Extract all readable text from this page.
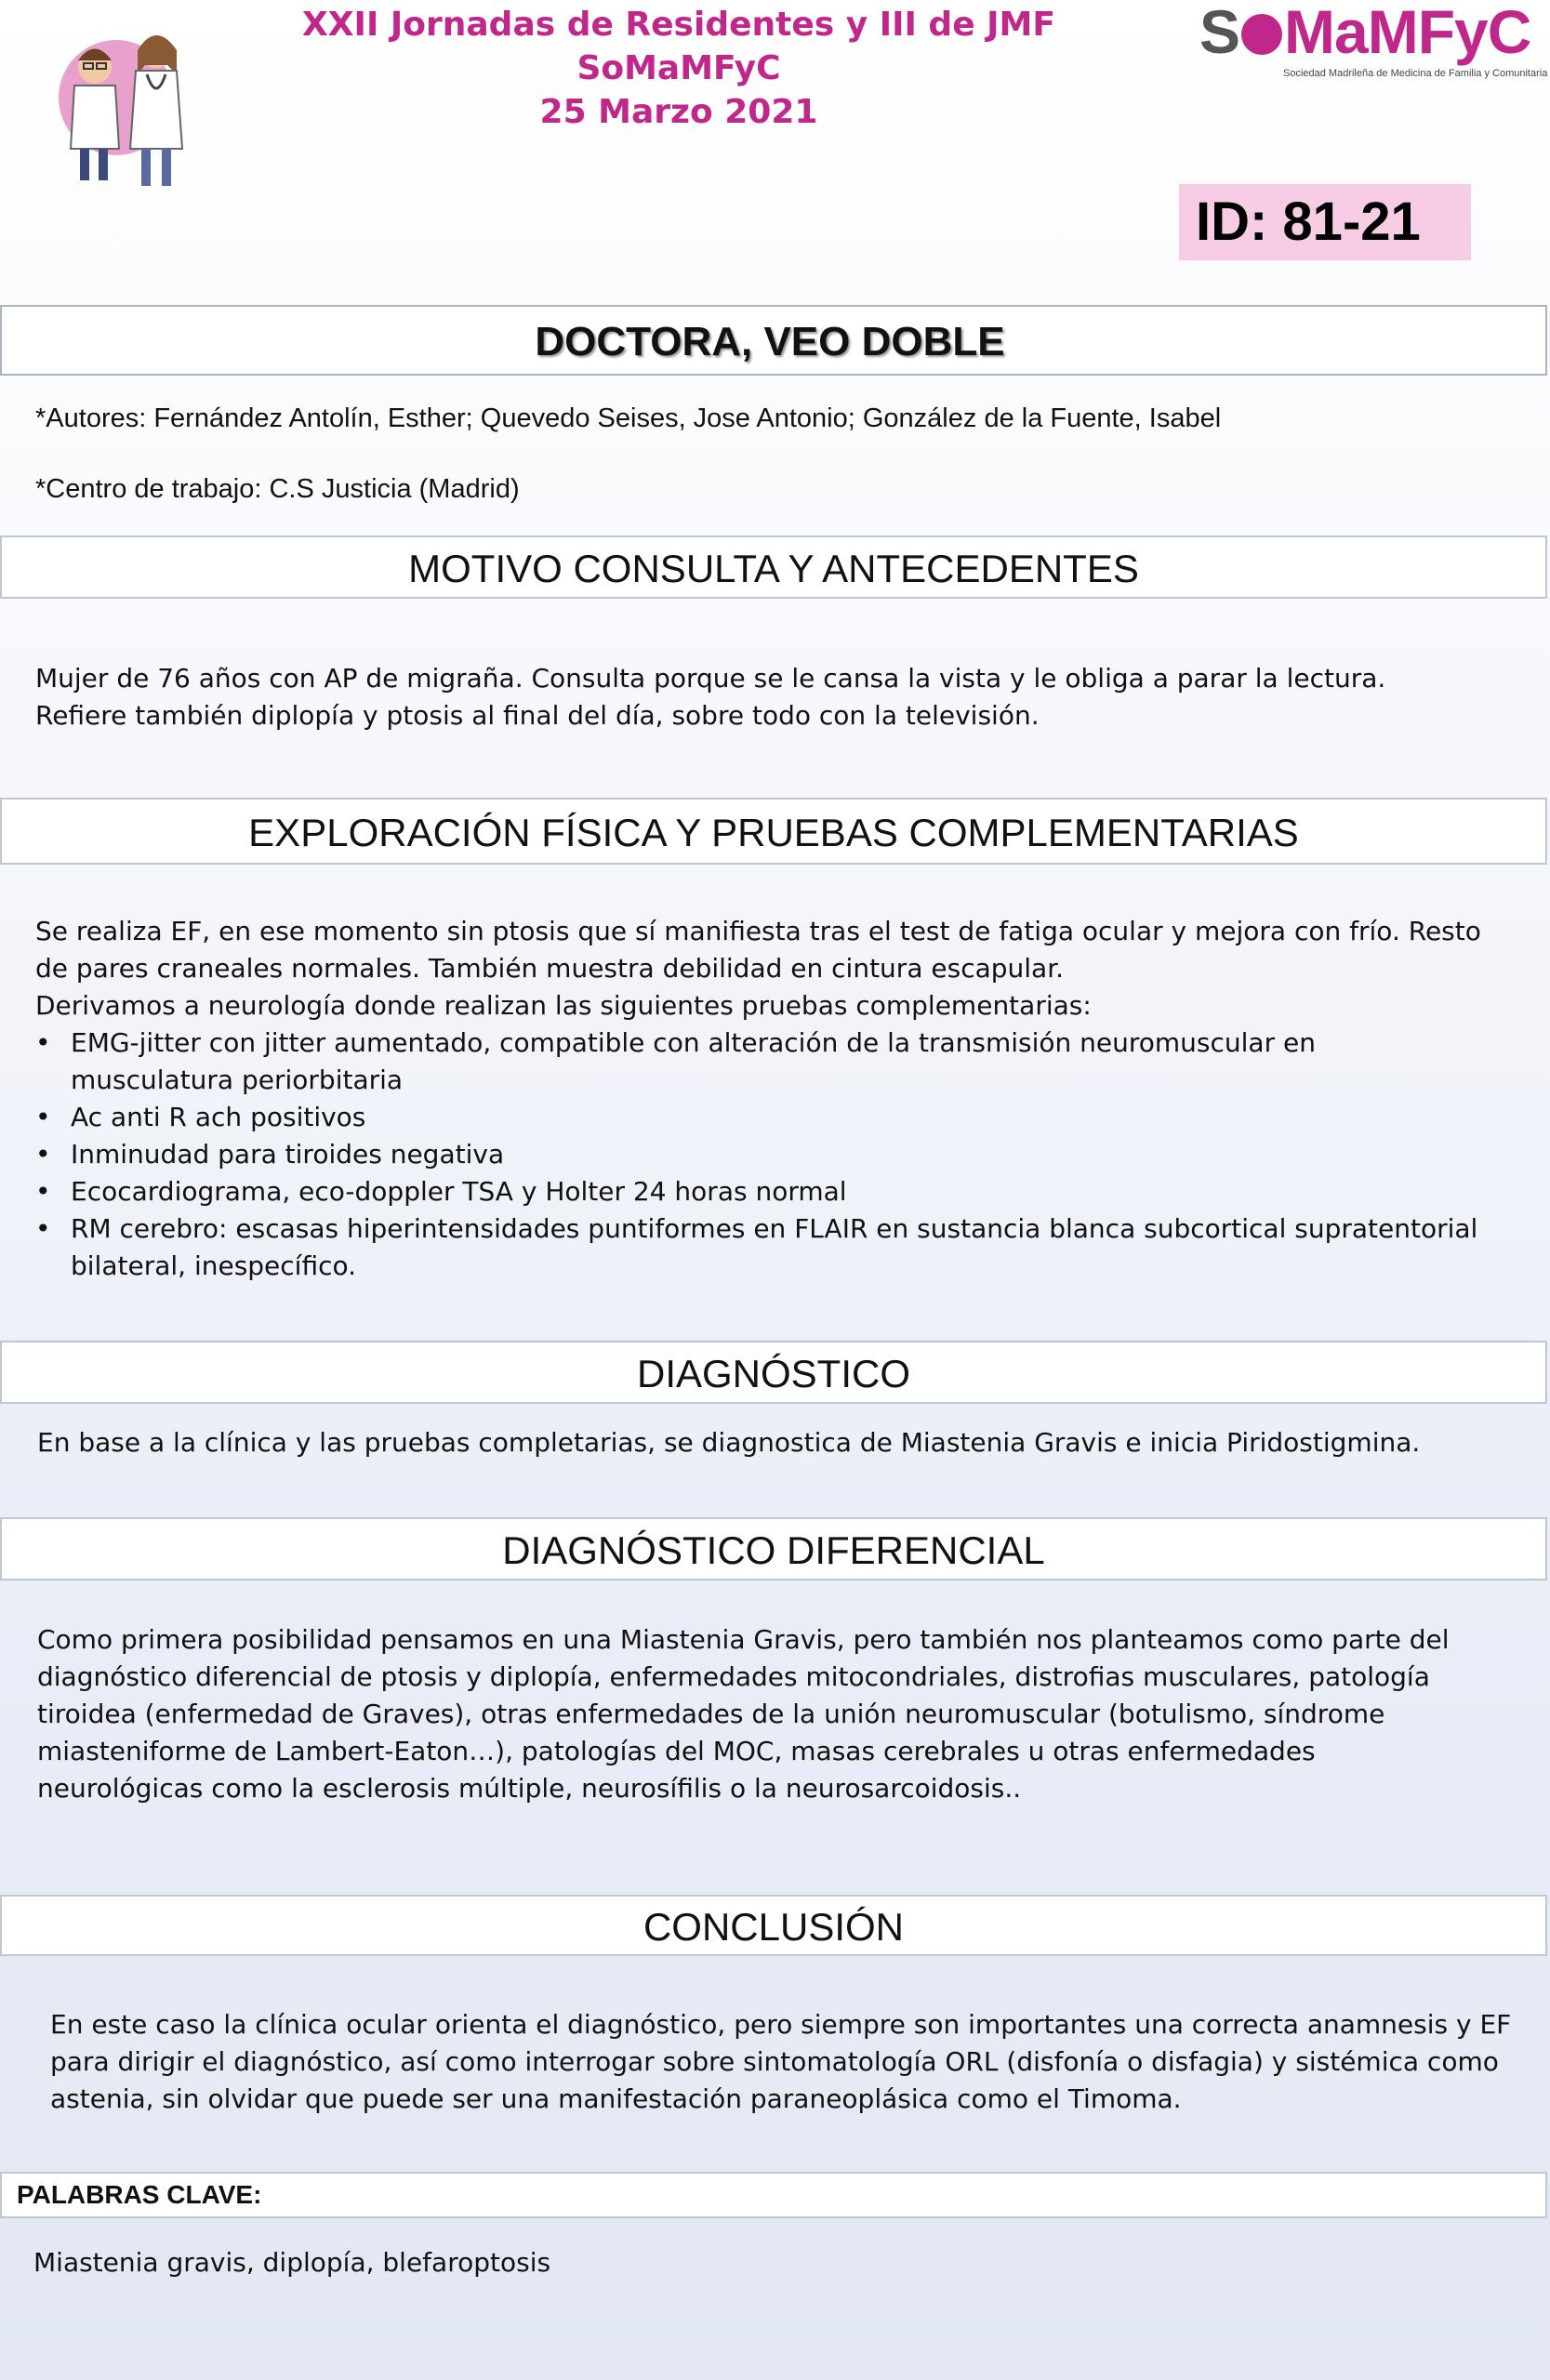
XXII Jornadas de Residentes y III de JMF SoMaMFyC
25 Marzo 2021
S MaMFyC
Sociedad Madrileña de Medicina de Familia y Comunitaria
ID: 81-21
DOCTORA, VEO DOBLE
*Autores: Fernández Antolín, Esther; Quevedo Seises, Jose Antonio; González de la Fuente, Isabel
*Centro de trabajo: C.S Justicia (Madrid)
MOTIVO CONSULTA Y ANTECEDENTES
Mujer de 76 años con AP de migraña. Consulta porque se le cansa la vista y le obliga a parar la lectura. Refiere también diplopía y ptosis al final del día, sobre todo con la televisión.
EXPLORACIÓN FÍSICA Y PRUEBAS COMPLEMENTARIAS
Se realiza EF, en ese momento sin ptosis que sí manifiesta tras el test de fatiga ocular y mejora con frío. Resto de pares craneales normales. También muestra debilidad en cintura escapular.
Derivamos a neurología donde realizan las siguientes pruebas complementarias:
• EMG-jitter con jitter aumentado, compatible con alteración de la transmisión neuromuscular en musculatura periorbitaria
• Ac anti R ach positivos
• Inminudad para tiroides negativa
• Ecocardiograma, eco-doppler TSA y Holter 24 horas normal
• RM cerebro: escasas hiperintensidades puntiformes en FLAIR en sustancia blanca subcortical supratentorial bilateral, inespecífico.
DIAGNÓSTICO
En base a la clínica y las pruebas completarias, se diagnostica de Miastenia Gravis e inicia Piridostigmina.
DIAGNÓSTICO DIFERENCIAL
Como primera posibilidad pensamos en una Miastenia Gravis, pero también nos planteamos como parte del diagnóstico diferencial de ptosis y diplopía, enfermedades mitocondriales, distrofias musculares, patología tiroidea (enfermedad de Graves), otras enfermedades de la unión neuromuscular (botulismo, síndrome miasteniforme de Lambert-Eaton…), patologías del MOC, masas cerebrales u otras enfermedades neurológicas como la esclerosis múltiple, neurosífilis o la neurosarcoidosis..
CONCLUSIÓN
En este caso la clínica ocular orienta el diagnóstico, pero siempre son importantes una correcta anamnesis y EF para dirigir el diagnóstico, así como interrogar sobre sintomatología ORL (disfonía o disfagia) y sistémica como astenia, sin olvidar que puede ser una manifestación paraneoplásica como el Timoma.
PALABRAS CLAVE:
Miastenia gravis, diplopía, blefaroptosis
